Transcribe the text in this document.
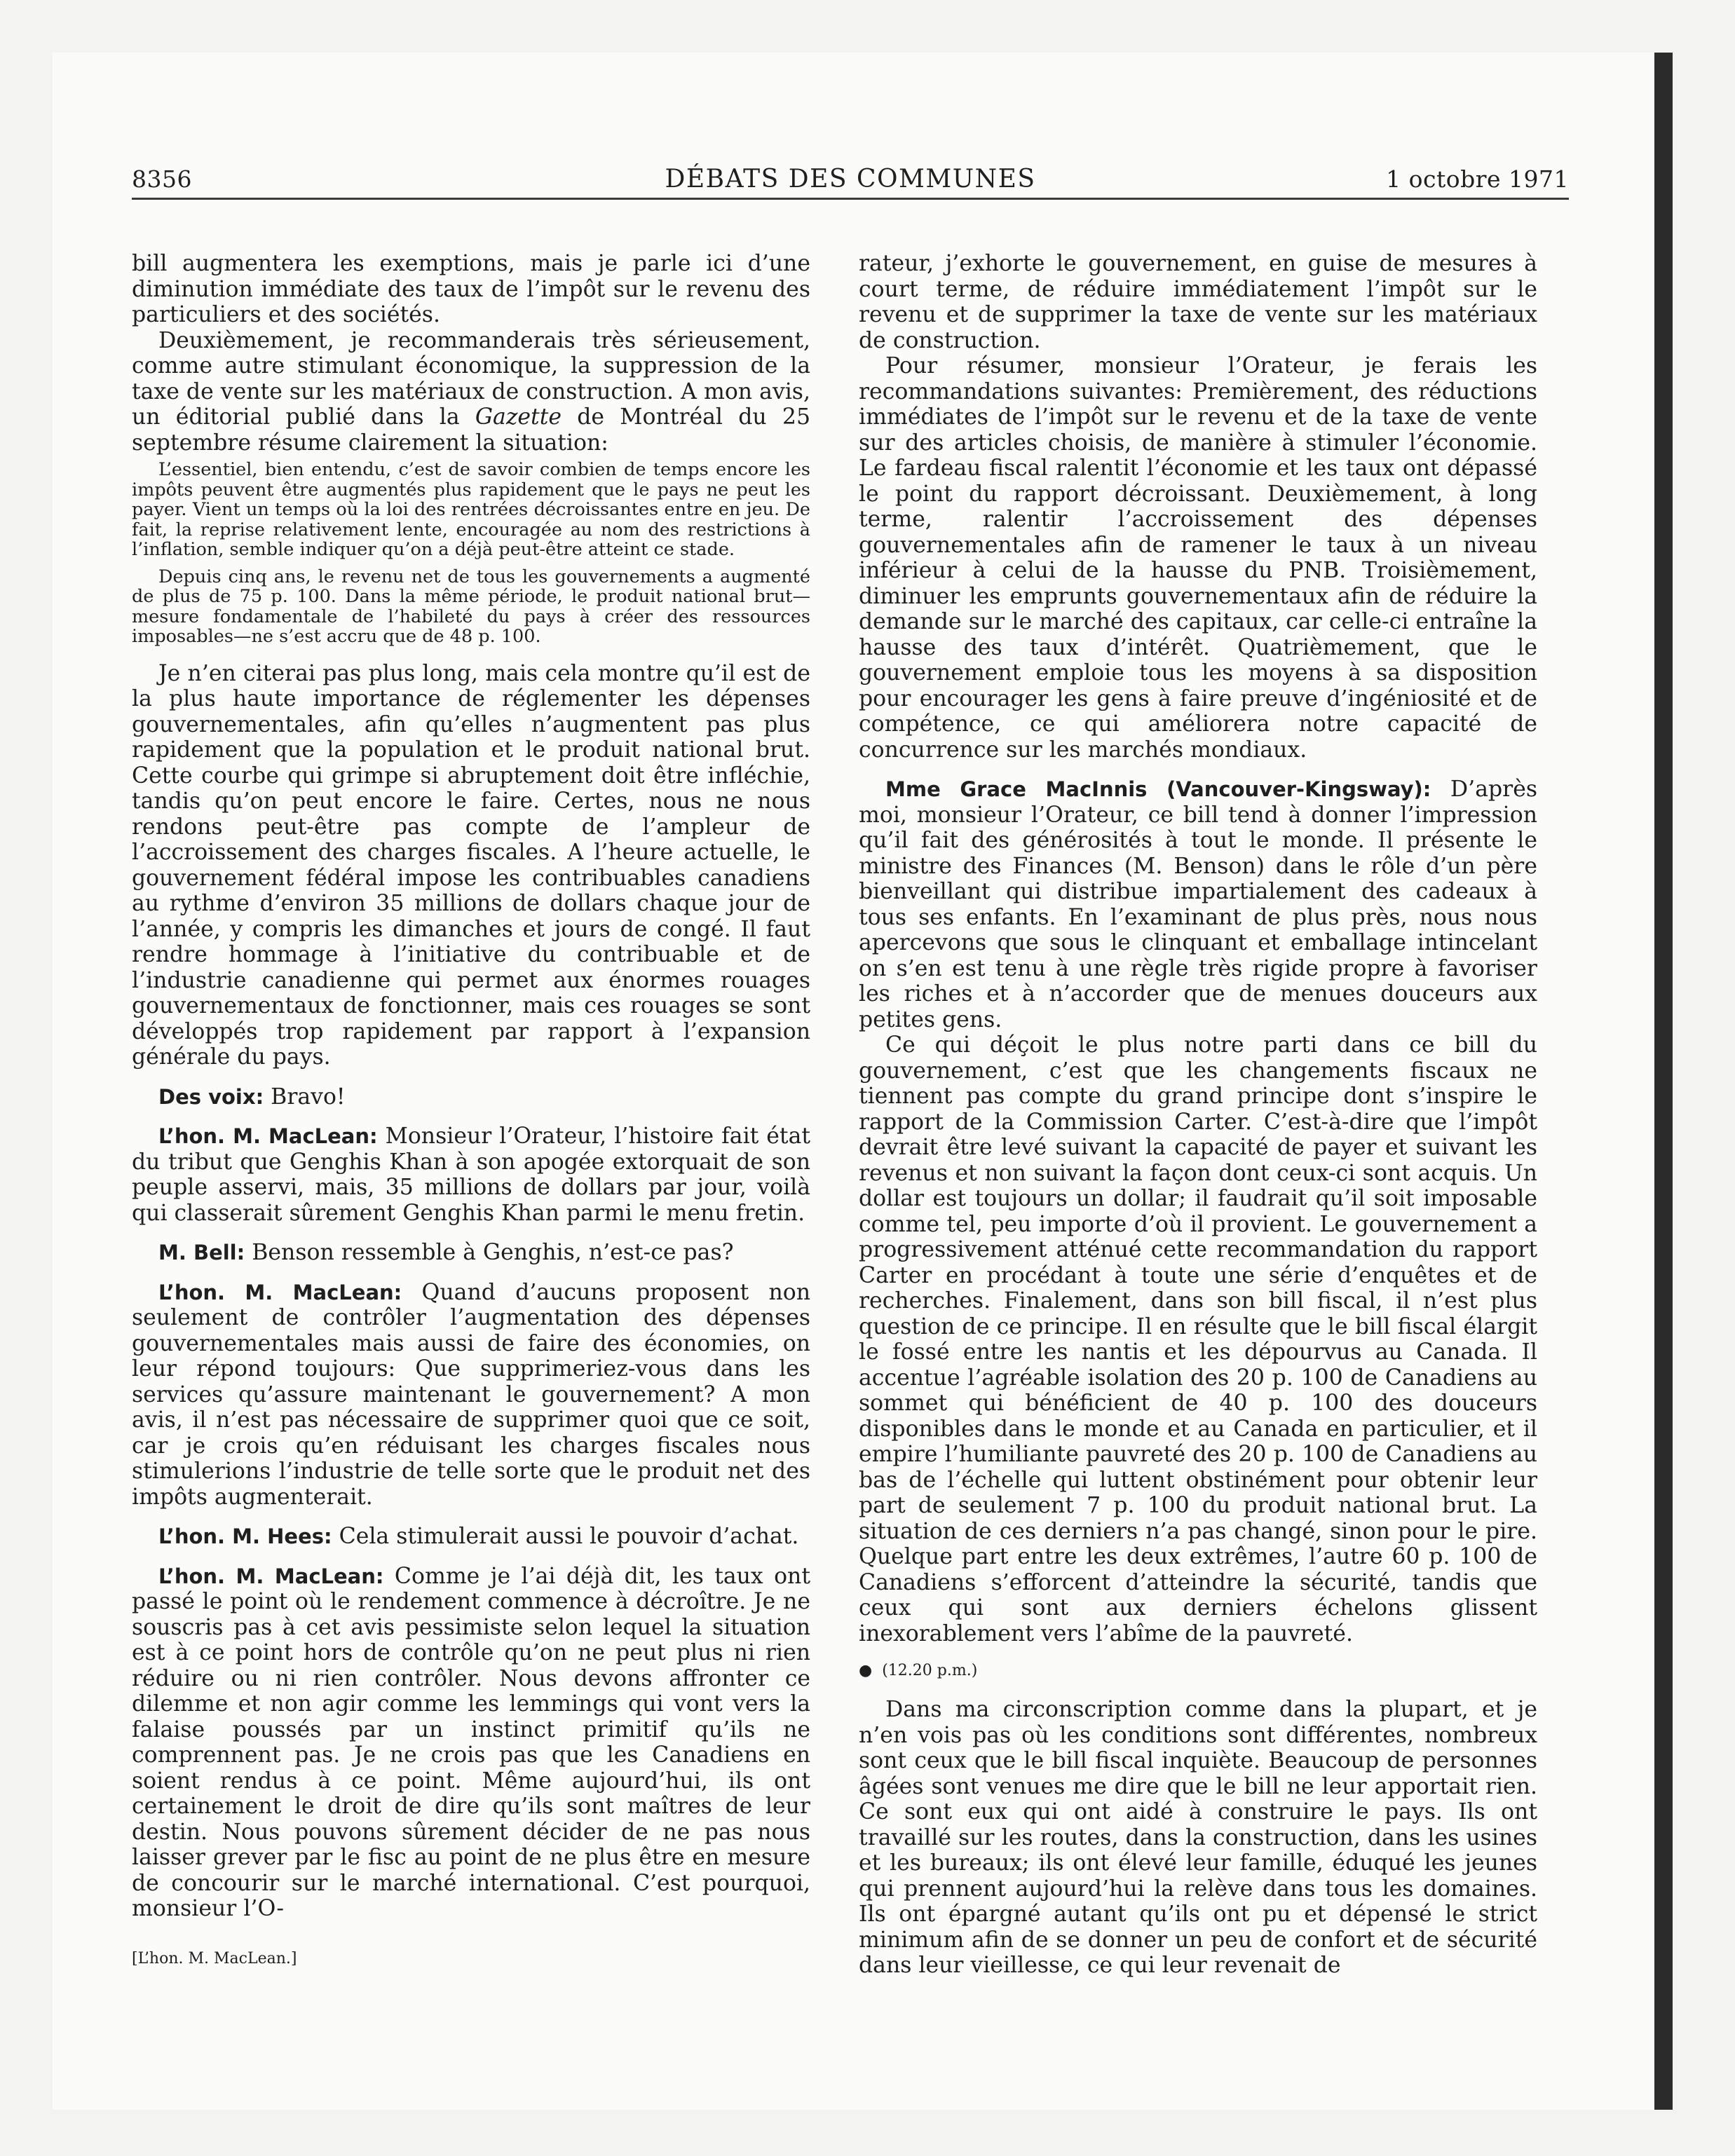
8356	DÉBATS DES COMMUNES	1 octobre 1971

bill augmentera les exemptions, mais je parle ici d’une diminution immédiate des taux de l’impôt sur le revenu des particuliers et des sociétés.

Deuxièmement, je recommanderais très sérieusement, comme autre stimulant économique, la suppression de la taxe de vente sur les matériaux de construction. A mon avis, un éditorial publié dans la Gazette de Montréal du 25 septembre résume clairement la situation:

L’essentiel, bien entendu, c’est de savoir combien de temps encore les impôts peuvent être augmentés plus rapidement que le pays ne peut les payer. Vient un temps où la loi des rentrées décroissantes entre en jeu. De fait, la reprise relativement lente, encouragée au nom des restrictions à l’inflation, semble indiquer qu’on a déjà peut-être atteint ce stade.

Depuis cinq ans, le revenu net de tous les gouvernements a augmenté de plus de 75 p. 100. Dans la même période, le produit national brut—mesure fondamentale de l’habileté du pays à créer des ressources imposables—ne s’est accru que de 48 p. 100.

Je n’en citerai pas plus long, mais cela montre qu’il est de la plus haute importance de réglementer les dépenses gouvernementales, afin qu’elles n’augmentent pas plus rapidement que la population et le produit national brut. Cette courbe qui grimpe si abruptement doit être infléchie, tandis qu’on peut encore le faire. Certes, nous ne nous rendons peut-être pas compte de l’ampleur de l’accroissement des charges fiscales. A l’heure actuelle, le gouvernement fédéral impose les contribuables canadiens au rythme d’environ 35 millions de dollars chaque jour de l’année, y compris les dimanches et jours de congé. Il faut rendre hommage à l’initiative du contribuable et de l’industrie canadienne qui permet aux énormes rouages gouvernementaux de fonctionner, mais ces rouages se sont développés trop rapidement par rapport à l’expansion générale du pays.

Des voix: Bravo!

L’hon. M. MacLean: Monsieur l’Orateur, l’histoire fait état du tribut que Genghis Khan à son apogée extorquait de son peuple asservi, mais, 35 millions de dollars par jour, voilà qui classerait sûrement Genghis Khan parmi le menu fretin.

M. Bell: Benson ressemble à Genghis, n’est-ce pas?

L’hon. M. MacLean: Quand d’aucuns proposent non seulement de contrôler l’augmentation des dépenses gouvernementales mais aussi de faire des économies, on leur répond toujours: Que supprimeriez-vous dans les services qu’assure maintenant le gouvernement? A mon avis, il n’est pas nécessaire de supprimer quoi que ce soit, car je crois qu’en réduisant les charges fiscales nous stimulerions l’industrie de telle sorte que le produit net des impôts augmenterait.

L’hon. M. Hees: Cela stimulerait aussi le pouvoir d’achat.

L’hon. M. MacLean: Comme je l’ai déjà dit, les taux ont passé le point où le rendement commence à décroître. Je ne souscris pas à cet avis pessimiste selon lequel la situation est à ce point hors de contrôle qu’on ne peut plus ni rien réduire ou ni rien contrôler. Nous devons affronter ce dilemme et non agir comme les lemmings qui vont vers la falaise poussés par un instinct primitif qu’ils ne comprennent pas. Je ne crois pas que les Canadiens en soient rendus à ce point. Même aujourd’hui, ils ont certainement le droit de dire qu’ils sont maîtres de leur destin. Nous pouvons sûrement décider de ne pas nous laisser grever par le fisc au point de ne plus être en mesure de concourir sur le marché international. C’est pourquoi, monsieur l’O-

[L’hon. M. MacLean.]

rateur, j’exhorte le gouvernement, en guise de mesures à court terme, de réduire immédiatement l’impôt sur le revenu et de supprimer la taxe de vente sur les matériaux de construction.

Pour résumer, monsieur l’Orateur, je ferais les recommandations suivantes: Premièrement, des réductions immédiates de l’impôt sur le revenu et de la taxe de vente sur des articles choisis, de manière à stimuler l’économie. Le fardeau fiscal ralentit l’économie et les taux ont dépassé le point du rapport décroissant. Deuxièmement, à long terme, ralentir l’accroissement des dépenses gouvernementales afin de ramener le taux à un niveau inférieur à celui de la hausse du PNB. Troisièmement, diminuer les emprunts gouvernementaux afin de réduire la demande sur le marché des capitaux, car celle-ci entraîne la hausse des taux d’intérêt. Quatrièmement, que le gouvernement emploie tous les moyens à sa disposition pour encourager les gens à faire preuve d’ingéniosité et de compétence, ce qui améliorera notre capacité de concurrence sur les marchés mondiaux.

Mme Grace MacInnis (Vancouver-Kingsway): D’après moi, monsieur l’Orateur, ce bill tend à donner l’impression qu’il fait des générosités à tout le monde. Il présente le ministre des Finances (M. Benson) dans le rôle d’un père bienveillant qui distribue impartialement des cadeaux à tous ses enfants. En l’examinant de plus près, nous nous apercevons que sous le clinquant et emballage intincelant on s’en est tenu à une règle très rigide propre à favoriser les riches et à n’accorder que de menues douceurs aux petites gens.

Ce qui déçoit le plus notre parti dans ce bill du gouvernement, c’est que les changements fiscaux ne tiennent pas compte du grand principe dont s’inspire le rapport de la Commission Carter. C’est-à-dire que l’impôt devrait être levé suivant la capacité de payer et suivant les revenus et non suivant la façon dont ceux-ci sont acquis. Un dollar est toujours un dollar; il faudrait qu’il soit imposable comme tel, peu importe d’où il provient. Le gouvernement a progressivement atténué cette recommandation du rapport Carter en procédant à toute une série d’enquêtes et de recherches. Finalement, dans son bill fiscal, il n’est plus question de ce principe. Il en résulte que le bill fiscal élargit le fossé entre les nantis et les dépourvus au Canada. Il accentue l’agréable isolation des 20 p. 100 de Canadiens au sommet qui bénéficient de 40 p. 100 des douceurs disponibles dans le monde et au Canada en particulier, et il empire l’humiliante pauvreté des 20 p. 100 de Canadiens au bas de l’échelle qui luttent obstinément pour obtenir leur part de seulement 7 p. 100 du produit national brut. La situation de ces derniers n’a pas changé, sinon pour le pire. Quelque part entre les deux extrêmes, l’autre 60 p. 100 de Canadiens s’efforcent d’atteindre la sécurité, tandis que ceux qui sont aux derniers échelons glissent inexorablement vers l’abîme de la pauvreté.

● (12.20 p.m.)

Dans ma circonscription comme dans la plupart, et je n’en vois pas où les conditions sont différentes, nombreux sont ceux que le bill fiscal inquiète. Beaucoup de personnes âgées sont venues me dire que le bill ne leur apportait rien. Ce sont eux qui ont aidé à construire le pays. Ils ont travaillé sur les routes, dans la construction, dans les usines et les bureaux; ils ont élevé leur famille, éduqué les jeunes qui prennent aujourd’hui la relève dans tous les domaines. Ils ont épargné autant qu’ils ont pu et dépensé le strict minimum afin de se donner un peu de confort et de sécurité dans leur vieillesse, ce qui leur revenait de
